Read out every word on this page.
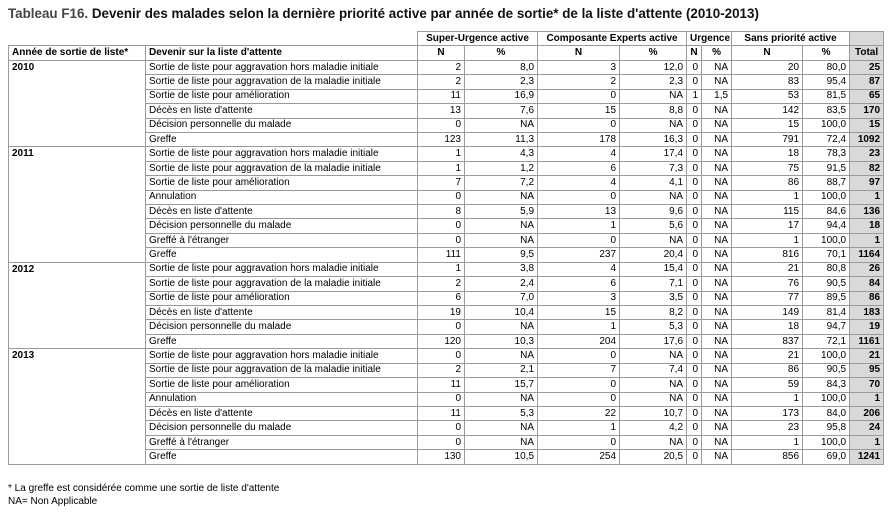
Tableau F16. Devenir des malades selon la dernière priorité active par année de sortie* de la liste d'attente (2010-2013)
		Super-Urgence active		Composante Experts active		Urgence		Sans priorité active		
Année de sortie de liste*	Devenir sur la liste d'attente	N	%	N	%	N	%	N	%	Total
2010	Sortie de liste pour aggravation hors maladie initiale	2	8,0	3	12,0	0	NA	20	80,0	25
	Sortie de liste pour aggravation de la maladie initiale	2	2,3	2	2,3	0	NA	83	95,4	87
	Sortie de liste pour amélioration	11	16,9	0	NA	1	1,5	53	81,5	65
	Décès en liste d'attente	13	7,6	15	8,8	0	NA	142	83,5	170
	Décision personnelle du malade	0	NA	0	NA	0	NA	15	100,0	15
	Greffe	123	11,3	178	16,3	0	NA	791	72,4	1092
2011	Sortie de liste pour aggravation hors maladie initiale	1	4,3	4	17,4	0	NA	18	78,3	23
	Sortie de liste pour aggravation de la maladie initiale	1	1,2	6	7,3	0	NA	75	91,5	82
	Sortie de liste pour amélioration	7	7,2	4	4,1	0	NA	86	88,7	97
	Annulation	0	NA	0	NA	0	NA	1	100,0	1
	Décès en liste d'attente	8	5,9	13	9,6	0	NA	115	84,6	136
	Décision personnelle du malade	0	NA	1	5,6	0	NA	17	94,4	18
	Greffé à l'étranger	0	NA	0	NA	0	NA	1	100,0	1
	Greffe	111	9,5	237	20,4	0	NA	816	70,1	1164
2012	Sortie de liste pour aggravation hors maladie initiale	1	3,8	4	15,4	0	NA	21	80,8	26
	Sortie de liste pour aggravation de la maladie initiale	2	2,4	6	7,1	0	NA	76	90,5	84
	Sortie de liste pour amélioration	6	7,0	3	3,5	0	NA	77	89,5	86
	Décès en liste d'attente	19	10,4	15	8,2	0	NA	149	81,4	183
	Décision personnelle du malade	0	NA	1	5,3	0	NA	18	94,7	19
	Greffe	120	10,3	204	17,6	0	NA	837	72,1	1161
2013	Sortie de liste pour aggravation hors maladie initiale	0	NA	0	NA	0	NA	21	100,0	21
	Sortie de liste pour aggravation de la maladie initiale	2	2,1	7	7,4	0	NA	86	90,5	95
	Sortie de liste pour amélioration	11	15,7	0	NA	0	NA	59	84,3	70
	Annulation	0	NA	0	NA	0	NA	1	100,0	1
	Décès en liste d'attente	11	5,3	22	10,7	0	NA	173	84,0	206
	Décision personnelle du malade	0	NA	1	4,2	0	NA	23	95,8	24
	Greffé à l'étranger	0	NA	0	NA	0	NA	1	100,0	1
	Greffe	130	10,5	254	20,5	0	NA	856	69,0	1241
* La greffe est considérée comme une sortie de liste d'attente
NA= Non Applicable
